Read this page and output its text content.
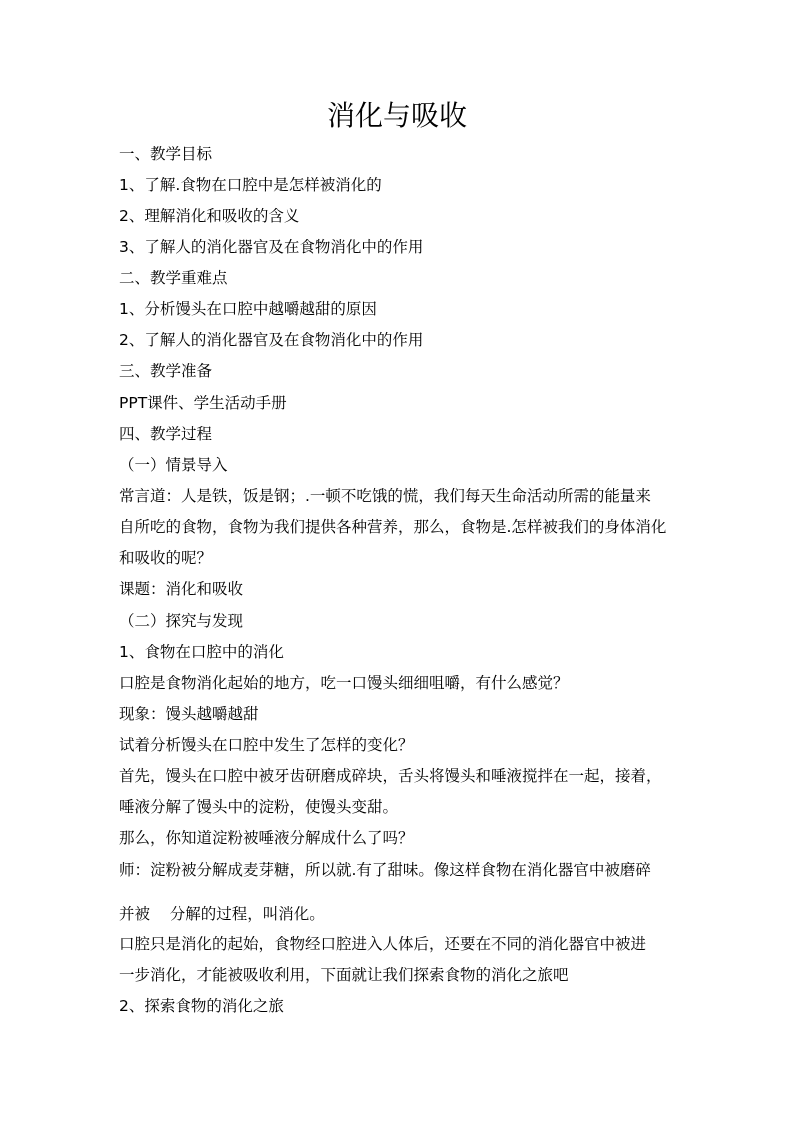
消化与吸收
一、教学目标
1、了解.食物在口腔中是怎样被消化的
2、理解消化和吸收的含义
3、了解人的消化器官及在食物消化中的作用
二、教学重难点
1、分析馒头在口腔中越嚼越甜的原因
2、了解人的消化器官及在食物消化中的作用
三、教学准备
PPT课件、学生活动手册
四、教学过程
（一）情景导入
常言道：人是铁，饭是钢；.一顿不吃饿的慌，我们每天生命活动所需的能量来
自所吃的食物，食物为我们提供各种营养，那么，食物是.怎样被我们的身体消化
和吸收的呢？
课题：消化和吸收
（二）探究与发现
1、食物在口腔中的消化
口腔是食物消化起始的地方，吃一口馒头细细咀嚼，有什么感觉？
现象：馒头越嚼越甜
试着分析馒头在口腔中发生了怎样的变化？
首先，馒头在口腔中被牙齿研磨成碎块，舌头将馒头和唾液搅拌在一起，接着，
唾液分解了馒头中的淀粉，使馒头变甜。
那么，你知道淀粉被唾液分解成什么了吗？
师：淀粉被分解成麦芽糖，所以就.有了甜味。像这样食物在消化器官中被磨碎
并被    分解的过程，叫消化。
口腔只是消化的起始，食物经口腔进入人体后，还要在不同的消化器官中被进
一步消化，才能被吸收利用，下面就让我们探索食物的消化之旅吧
2、探索食物的消化之旅
